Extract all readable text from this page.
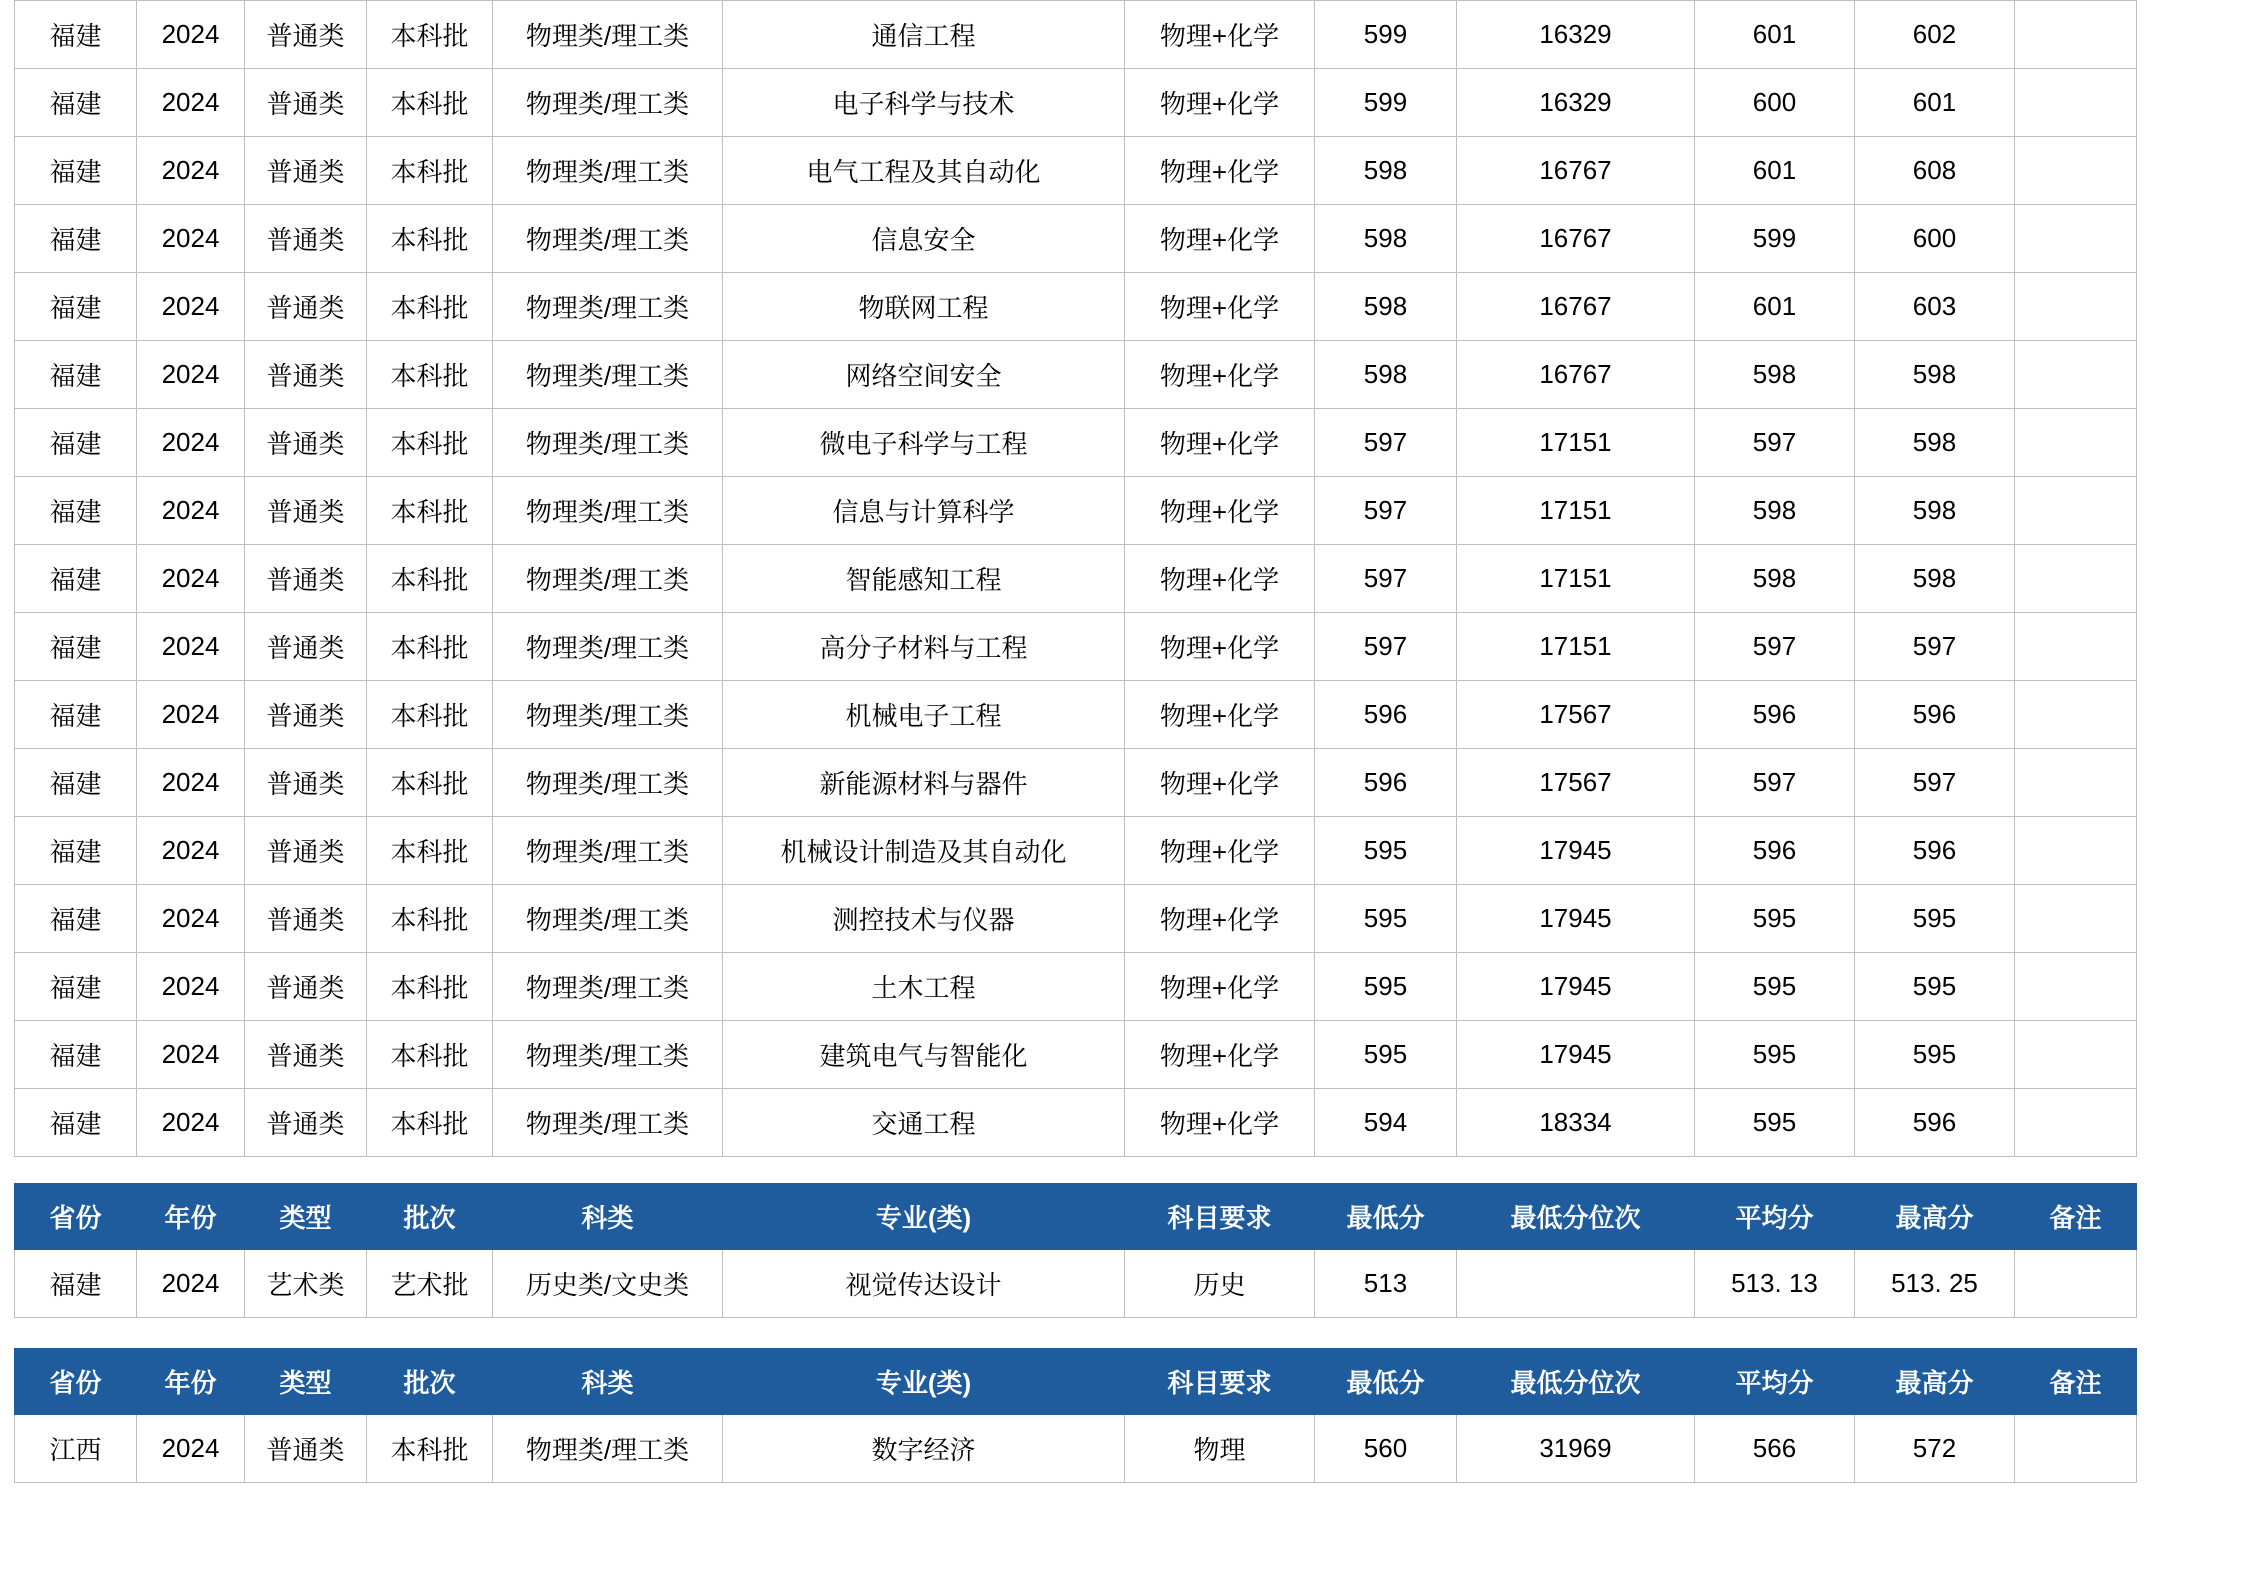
福建	2024	普通类	本科批	物理类/理工类	通信工程	物理+化学	599	16329	601	602	
福建	2024	普通类	本科批	物理类/理工类	电子科学与技术	物理+化学	599	16329	600	601	
福建	2024	普通类	本科批	物理类/理工类	电气工程及其自动化	物理+化学	598	16767	601	608	
福建	2024	普通类	本科批	物理类/理工类	信息安全	物理+化学	598	16767	599	600	
福建	2024	普通类	本科批	物理类/理工类	物联网工程	物理+化学	598	16767	601	603	
福建	2024	普通类	本科批	物理类/理工类	网络空间安全	物理+化学	598	16767	598	598	
福建	2024	普通类	本科批	物理类/理工类	微电子科学与工程	物理+化学	597	17151	597	598	
福建	2024	普通类	本科批	物理类/理工类	信息与计算科学	物理+化学	597	17151	598	598	
福建	2024	普通类	本科批	物理类/理工类	智能感知工程	物理+化学	597	17151	598	598	
福建	2024	普通类	本科批	物理类/理工类	高分子材料与工程	物理+化学	597	17151	597	597	
福建	2024	普通类	本科批	物理类/理工类	机械电子工程	物理+化学	596	17567	596	596	
福建	2024	普通类	本科批	物理类/理工类	新能源材料与器件	物理+化学	596	17567	597	597	
福建	2024	普通类	本科批	物理类/理工类	机械设计制造及其自动化	物理+化学	595	17945	596	596	
福建	2024	普通类	本科批	物理类/理工类	测控技术与仪器	物理+化学	595	17945	595	595	
福建	2024	普通类	本科批	物理类/理工类	土木工程	物理+化学	595	17945	595	595	
福建	2024	普通类	本科批	物理类/理工类	建筑电气与智能化	物理+化学	595	17945	595	595	
福建	2024	普通类	本科批	物理类/理工类	交通工程	物理+化学	594	18334	595	596	
省份	年份	类型	批次	科类	专业(类)	科目要求	最低分	最低分位次	平均分	最高分	备注
福建	2024	艺术类	艺术批	历史类/文史类	视觉传达设计	历史	513		513. 13	513. 25	
省份	年份	类型	批次	科类	专业(类)	科目要求	最低分	最低分位次	平均分	最高分	备注
江西	2024	普通类	本科批	物理类/理工类	数字经济	物理	560	31969	566	572	
